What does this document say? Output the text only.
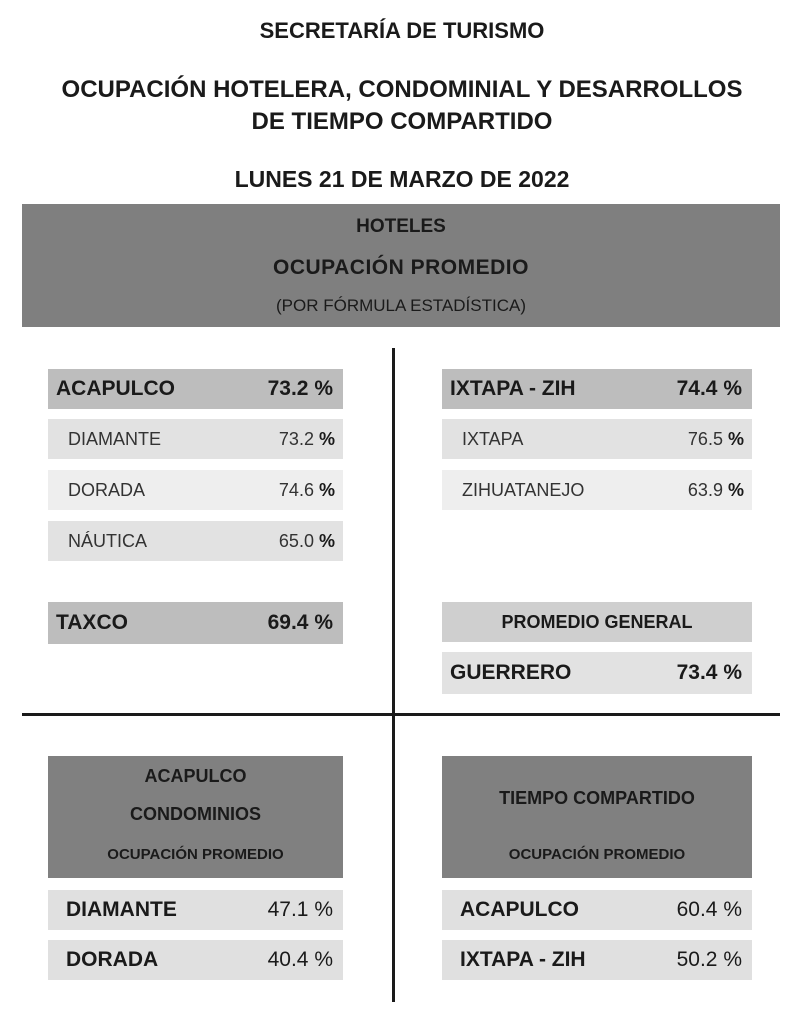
SECRETARÍA DE TURISMO
OCUPACIÓN HOTELERA, CONDOMINIAL Y DESARROLLOS
DE TIEMPO COMPARTIDO
LUNES 21 DE MARZO DE 2022
HOTELES
OCUPACIÓN PROMEDIO
(POR FÓRMULA ESTADÍSTICA)
ACAPULCO	73.2 %
DIAMANTE	73.2 %
DORADA	74.6 %
NÁUTICA	65.0 %
TAXCO	69.4 %
IXTAPA - ZIH	74.4 %
IXTAPA	76.5 %
ZIHUATANEJO	63.9 %
PROMEDIO GENERAL
GUERRERO	73.4 %
ACAPULCO
CONDOMINIOS
OCUPACIÓN PROMEDIO
DIAMANTE	47.1 %
DORADA	40.4 %
TIEMPO COMPARTIDO
OCUPACIÓN PROMEDIO
ACAPULCO	60.4 %
IXTAPA - ZIH	50.2 %
